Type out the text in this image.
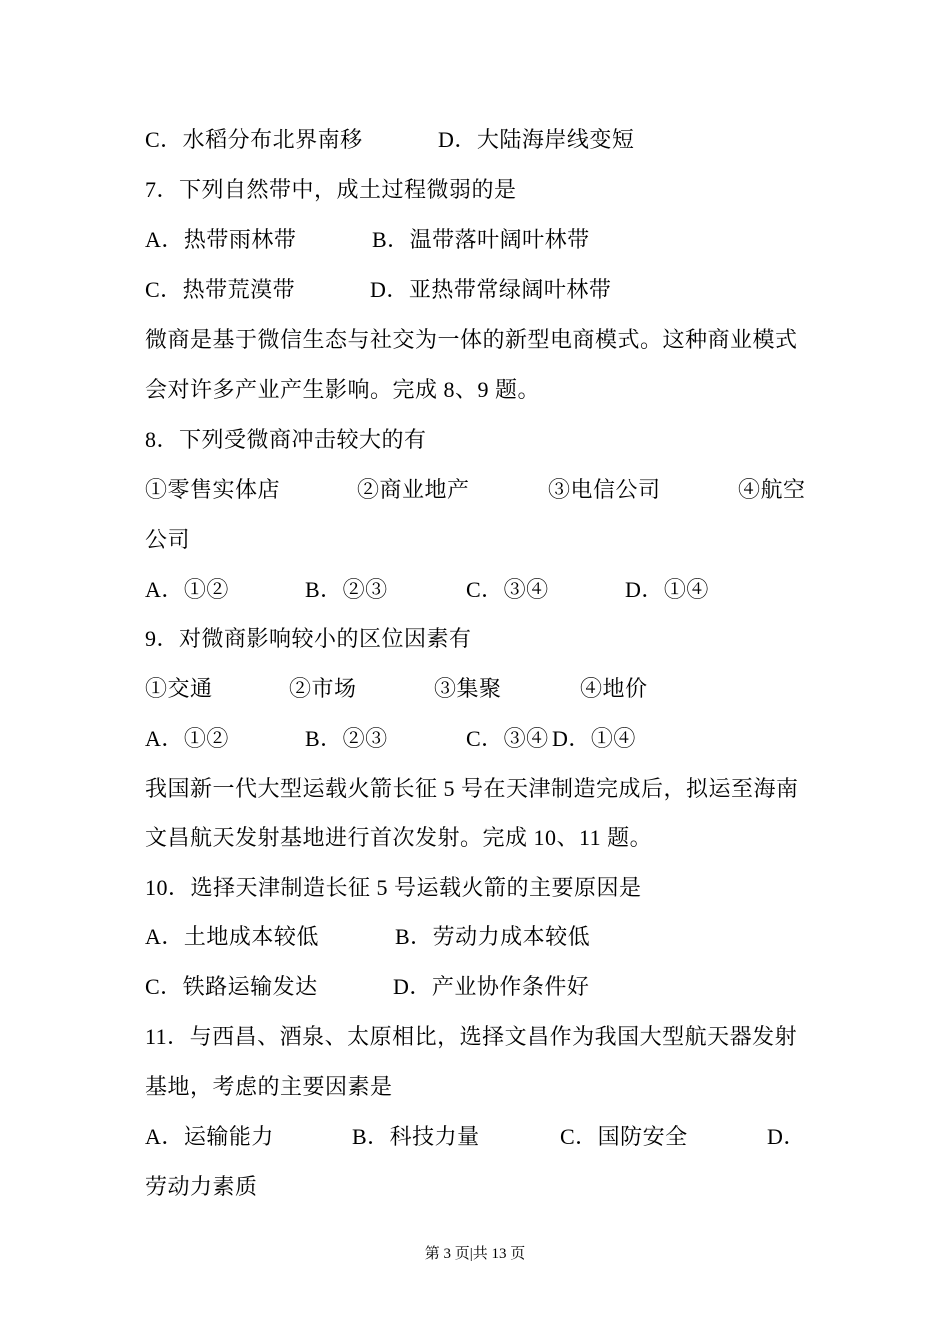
C．水稻分布北界南移	D．大陆海岸线变短
7．下列自然带中，成土过程微弱的是
A．热带雨林带	B．温带落叶阔叶林带
C．热带荒漠带	D．亚热带常绿阔叶林带
微商是基于微信生态与社交为一体的新型电商模式。这种商业模式
会对许多产业产生影响。完成 8、9 题。
8．下列受微商冲击较大的有
①零售实体店	②商业地产	③电信公司	④航空
公司
A．①②	B．②③	C．③④	D．①④
9．对微商影响较小的区位因素有
①交通	②市场	③集聚	④地价
A．①②	B．②③	C．③④ D．①④
我国新一代大型运载火箭长征 5 号在天津制造完成后，拟运至海南
文昌航天发射基地进行首次发射。完成 10、11 题。
10．选择天津制造长征 5 号运载火箭的主要原因是
A．土地成本较低	B．劳动力成本较低
C．铁路运输发达	D．产业协作条件好
11．与西昌、酒泉、太原相比，选择文昌作为我国大型航天器发射
基地，考虑的主要因素是
A．运输能力	B．科技力量	C．国防安全	D．
劳动力素质
第 3 页|共 13 页
